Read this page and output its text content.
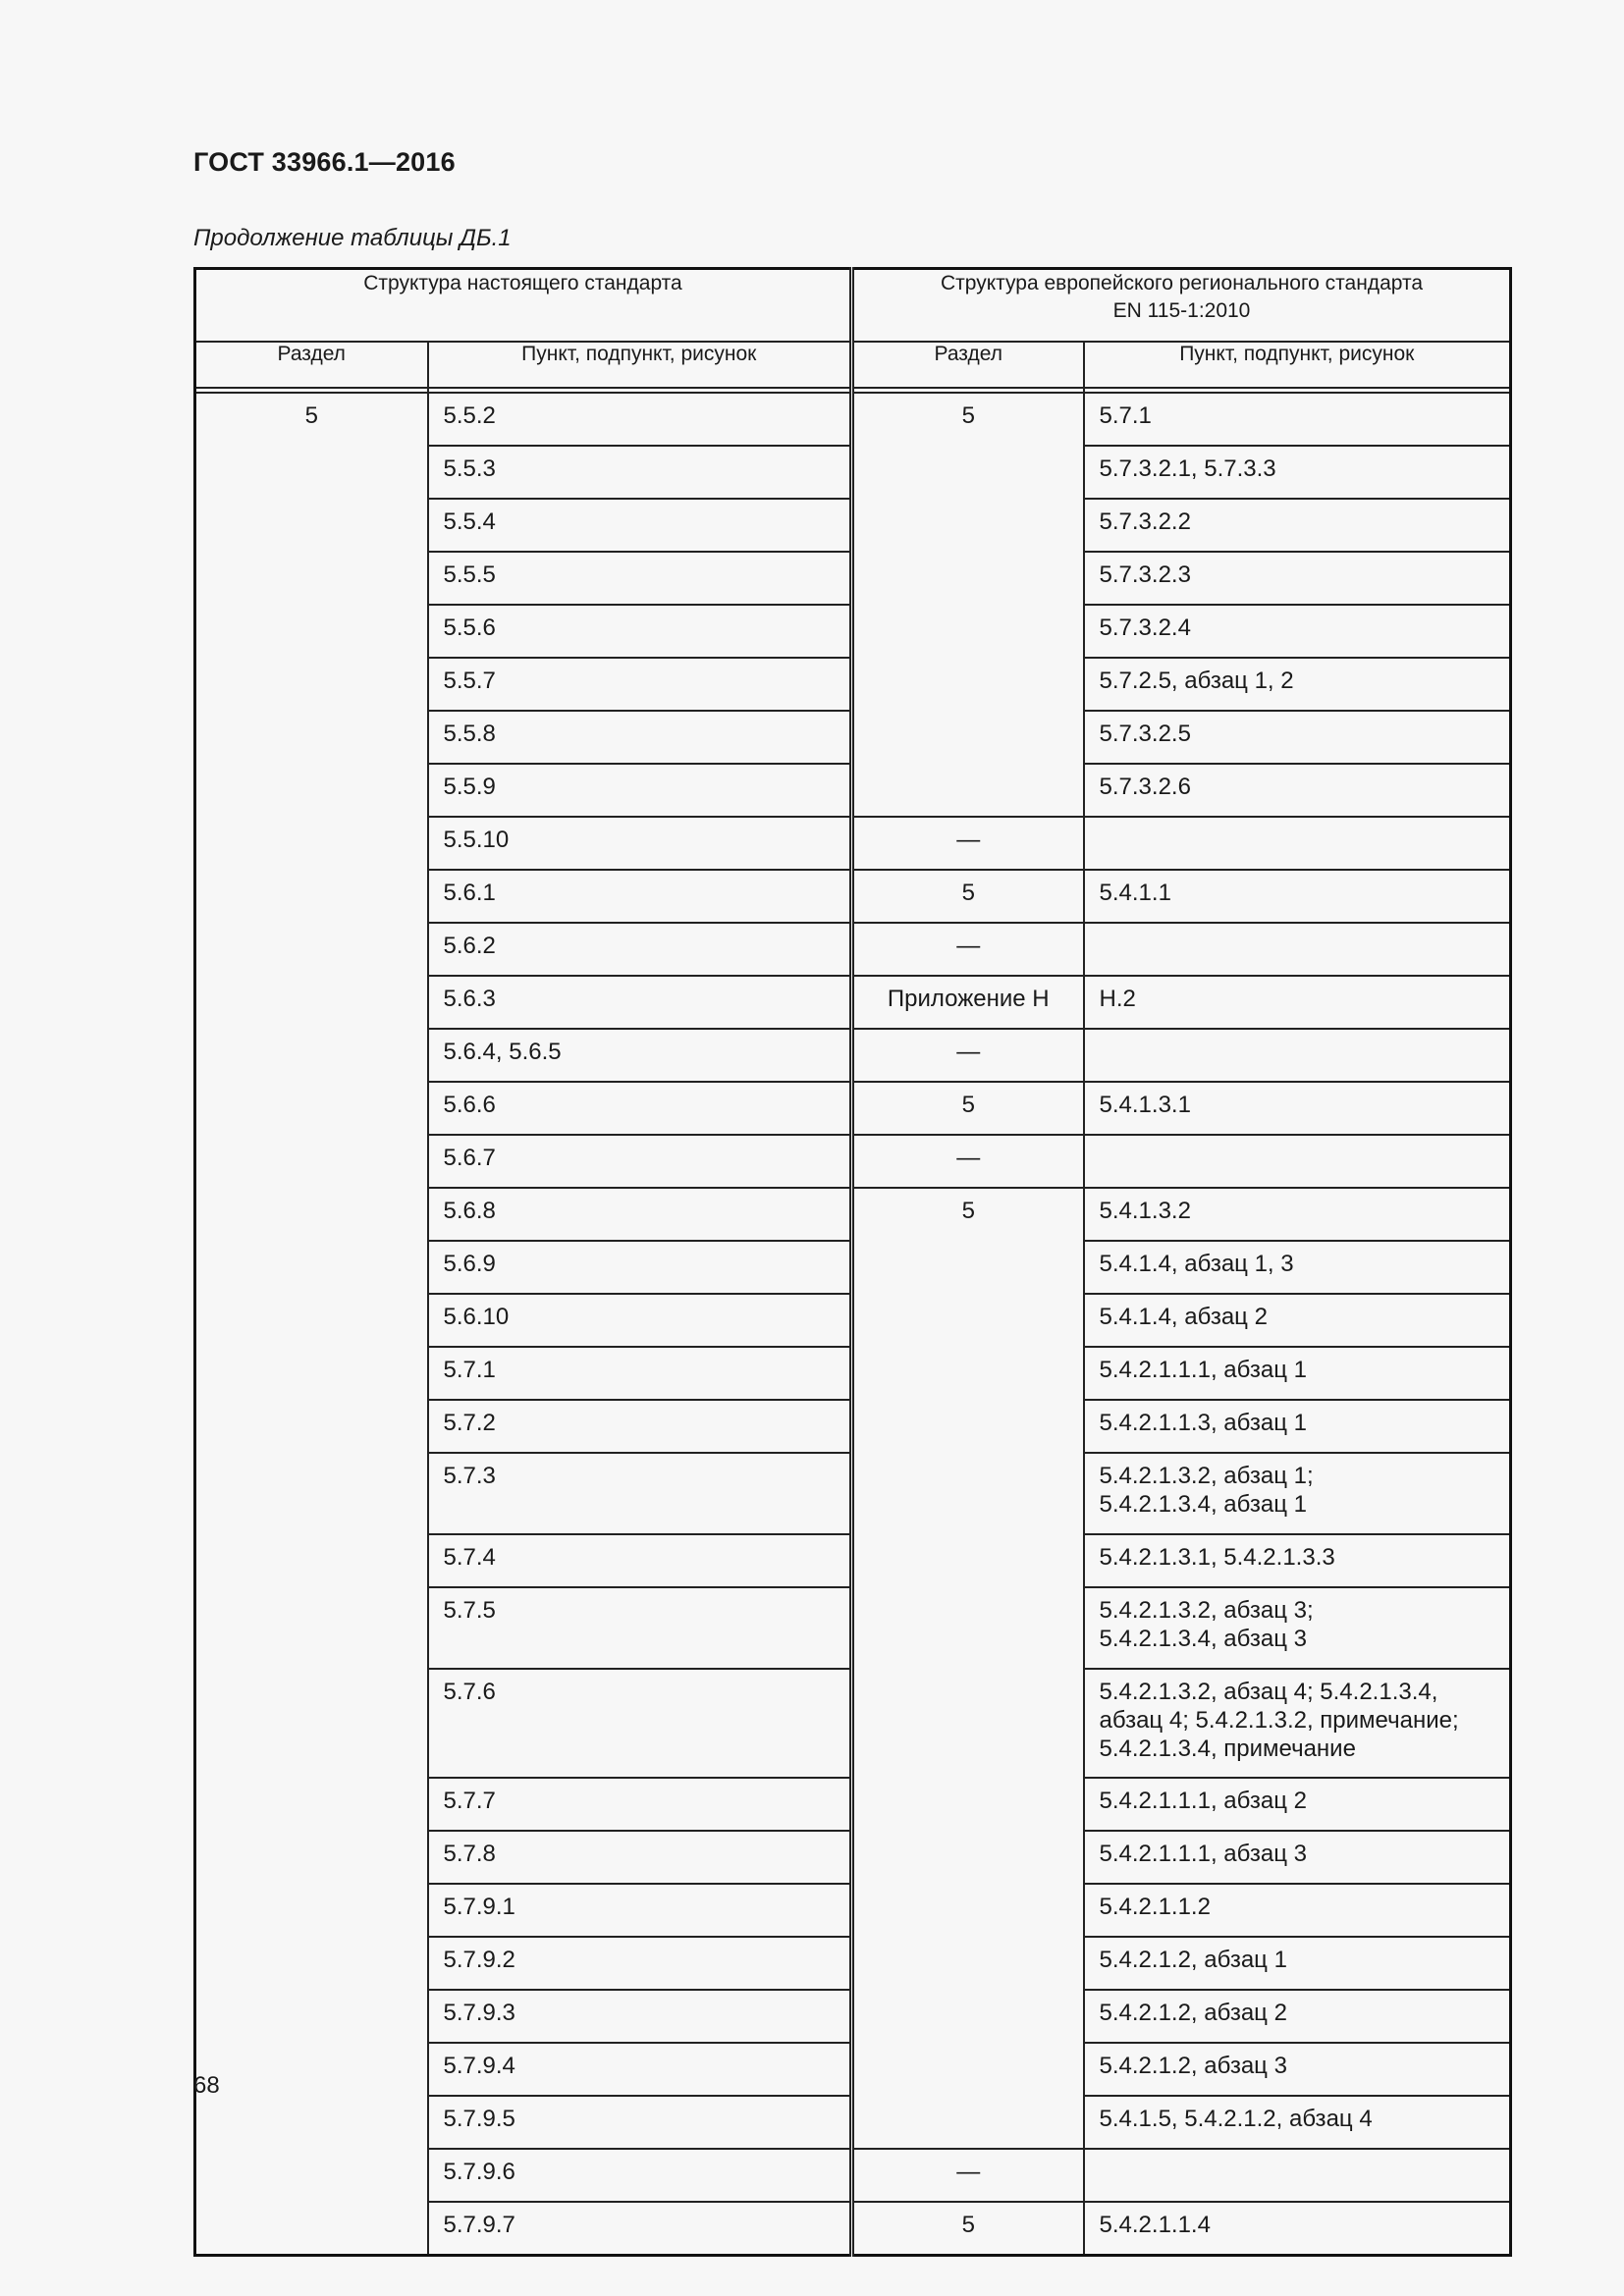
ГОСТ 33966.1—2016
Продолжение таблицы ДБ.1
Структура настоящего стандарта		Структура европейского регионального стандарта
EN 115-1:2010	
Раздел	Пункт, подпункт, рисунок	Раздел	Пункт, подпункт, рисунок

5	5.5.2	5	5.7.1
	5.5.3		5.7.3.2.1, 5.7.3.3
	5.5.4		5.7.3.2.2
	5.5.5		5.7.3.2.3
	5.5.6		5.7.3.2.4
	5.5.7		5.7.2.5, абзац 1, 2
	5.5.8		5.7.3.2.5
	5.5.9		5.7.3.2.6
	5.5.10	—	
	5.6.1	5	5.4.1.1
	5.6.2	—	
	5.6.3	Приложение Н	Н.2
	5.6.4, 5.6.5	—	
	5.6.6	5	5.4.1.3.1
	5.6.7	—	
	5.6.8	5	5.4.1.3.2
	5.6.9		5.4.1.4, абзац 1, 3
	5.6.10		5.4.1.4, абзац 2
	5.7.1		5.4.2.1.1.1, абзац 1
	5.7.2		5.4.2.1.1.3, абзац 1
	5.7.3		5.4.2.1.3.2, абзац 1;
5.4.2.1.3.4, абзац 1
	5.7.4		5.4.2.1.3.1, 5.4.2.1.3.3
	5.7.5		5.4.2.1.3.2, абзац 3;
5.4.2.1.3.4, абзац 3
	5.7.6		5.4.2.1.3.2, абзац 4; 5.4.2.1.3.4,
абзац 4; 5.4.2.1.3.2, примечание;
5.4.2.1.3.4, примечание
	5.7.7		5.4.2.1.1.1, абзац 2
	5.7.8		5.4.2.1.1.1, абзац 3
	5.7.9.1		5.4.2.1.1.2
	5.7.9.2		5.4.2.1.2, абзац 1
	5.7.9.3		5.4.2.1.2, абзац 2
	5.7.9.4		5.4.2.1.2, абзац 3
	5.7.9.5		5.4.1.5, 5.4.2.1.2, абзац 4
	5.7.9.6	—	
	5.7.9.7	5	5.4.2.1.1.4
68
